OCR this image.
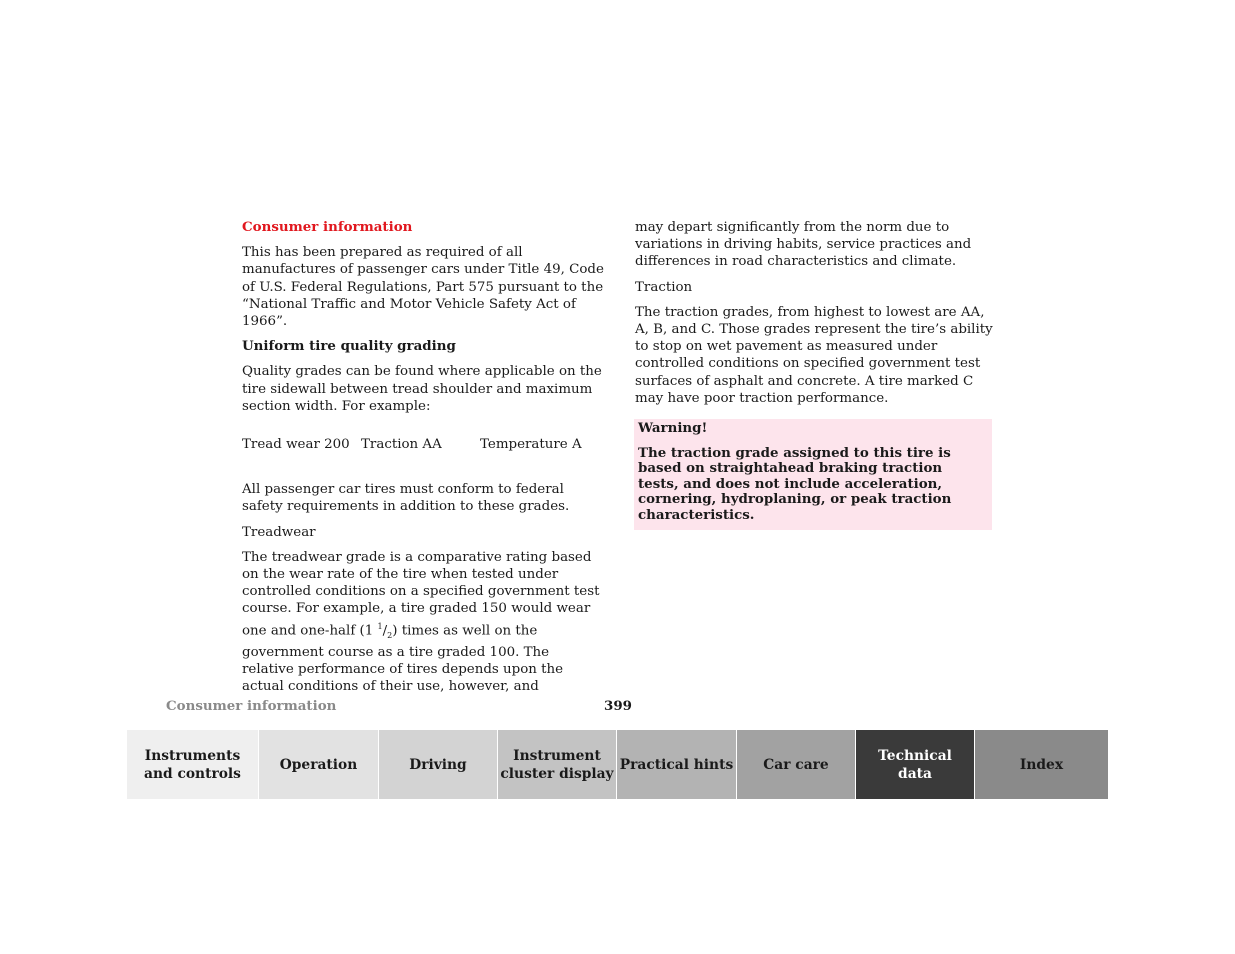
Consumer information

This has been prepared as required of all manufactures of passenger cars under Title 49, Code of U.S. Federal Regulations, Part 575 pursuant to the “National Traffic and Motor Vehicle Safety Act of 1966”.

Uniform tire quality grading

Quality grades can be found where applicable on the tire sidewall between tread shoulder and maximum section width. For example:

Tread wear 200 Traction AA	Temperature A

All passenger car tires must conform to federal safety requirements in addition to these grades.

Treadwear

The treadwear grade is a comparative rating based on the wear rate of the tire when tested under controlled conditions on a specified government test course. For example, a tire graded 150 would wear one and one-half (1 $^1/_2$) times as well on the government course as a tire graded 100. The relative performance of tires depends upon the actual conditions of their use, however, and

may depart significantly from the norm due to variations in driving habits, service practices and differences in road characteristics and climate.

Traction

The traction grades, from highest to lowest are AA, A, B, and C. Those grades represent the tire’s ability to stop on wet pavement as measured under controlled conditions on specified government test surfaces of asphalt and concrete. A tire marked C may have poor traction performance.

Warning!

The traction grade assigned to this tire is based on straightahead braking traction tests, and does not include acceleration, cornering, hydroplaning, or peak traction characteristics.

Consumer information	399
Instruments
and controls
Operation	Driving
Instrument
cluster display
Practical hints Car care
Technical
data
Index
